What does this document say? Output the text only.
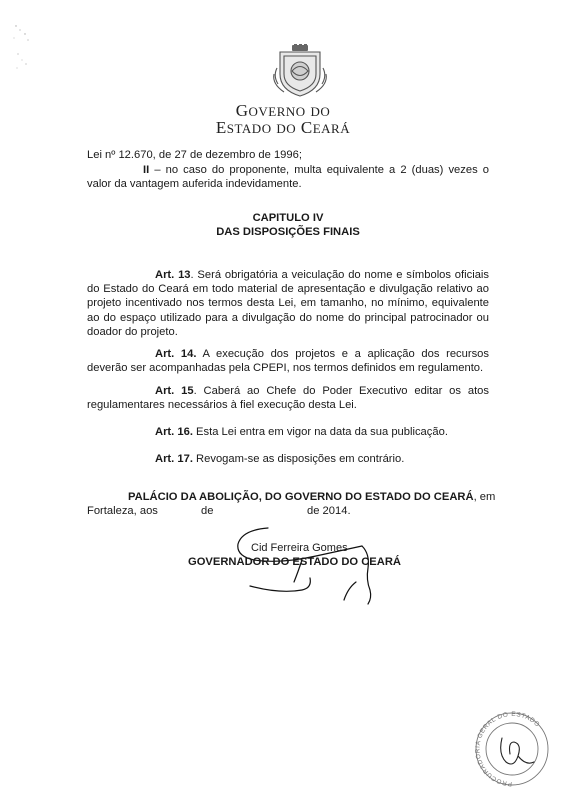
GOVERNO DO
ESTADO DO CEARÁ
Lei nº 12.670, de 27 de dezembro de 1996;
II – no caso do proponente, multa equivalente a 2 (duas) vezes o valor da vantagem auferida indevidamente.
CAPITULO IV
DAS DISPOSIÇÕES FINAIS
Art. 13. Será obrigatória a veiculação do nome e símbolos oficiais do Estado do Ceará em todo material de apresentação e divulgação relativo ao projeto incentivado nos termos desta Lei, em tamanho, no mínimo, equivalente ao do espaço utilizado para a divulgação do nome do principal patrocinador ou doador do projeto.
Art. 14. A execução dos projetos e a aplicação dos recursos deverão ser acompanhadas pela CPEPI, nos termos definidos em regulamento.
Art. 15. Caberá ao Chefe do Poder Executivo editar os atos regulamentares necessários à fiel execução desta Lei.
Art. 16. Esta Lei entra em vigor na data da sua publicação.
Art. 17. Revogam-se as disposições em contrário.
PALÁCIO DA ABOLIÇÃO, DO GOVERNO DO ESTADO DO CEARÁ, em
Fortaleza, aos	de	de 2014.
Cid Ferreira Gomes
GOVERNADOR DO ESTADO DO CEARÁ
PROCURADORIA GERAL DO ESTADO
